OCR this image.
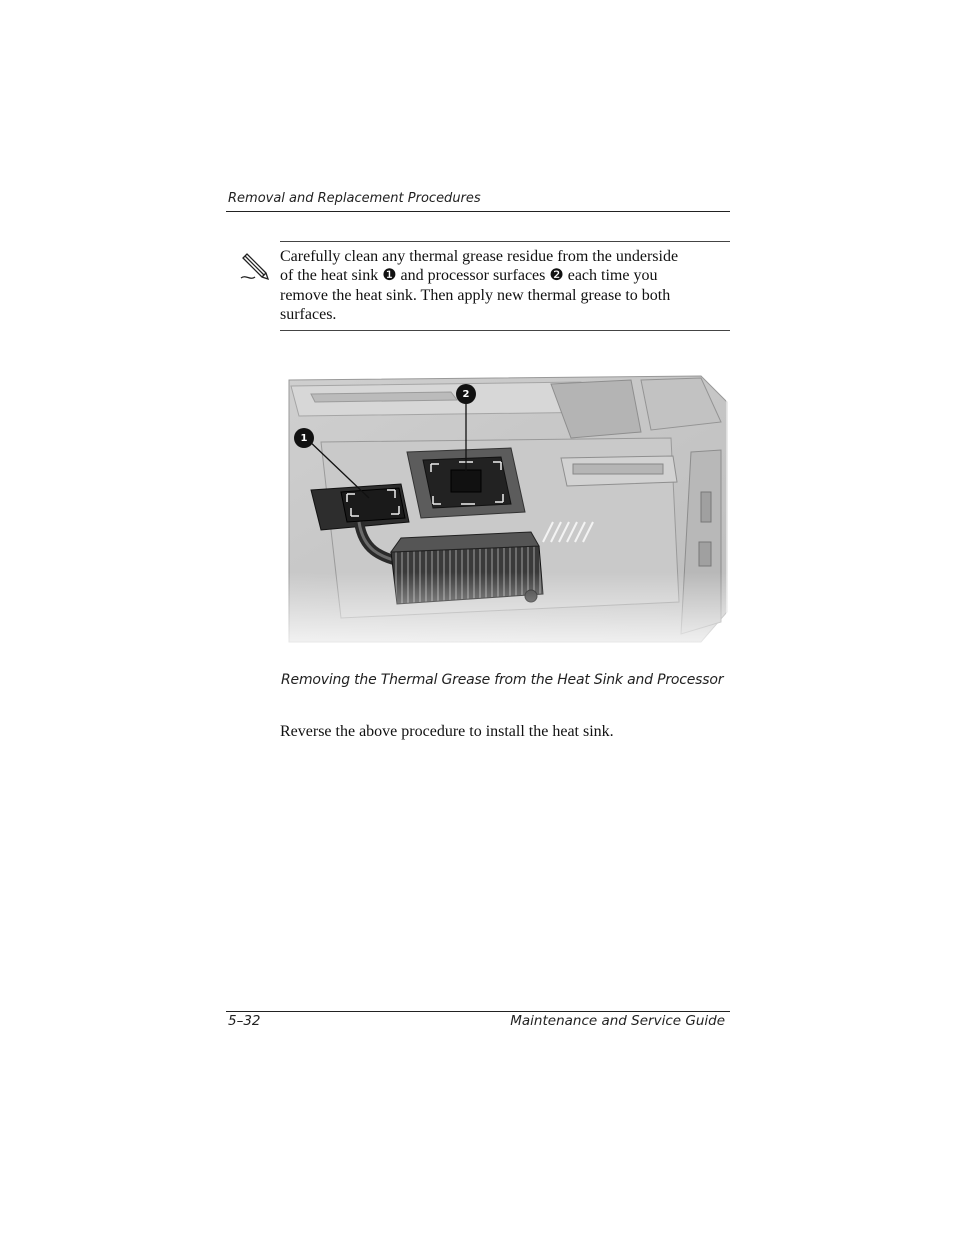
Removal and Replacement Procedures
Carefully clean any thermal grease residue from the underside
of the heat sink ❶ and processor surfaces ❷ each time you
remove the heat sink. Then apply new thermal grease to both
surfaces.
1
2
Removing the Thermal Grease from the Heat Sink and Processor
Reverse the above procedure to install the heat sink.
5–32	Maintenance and Service Guide
